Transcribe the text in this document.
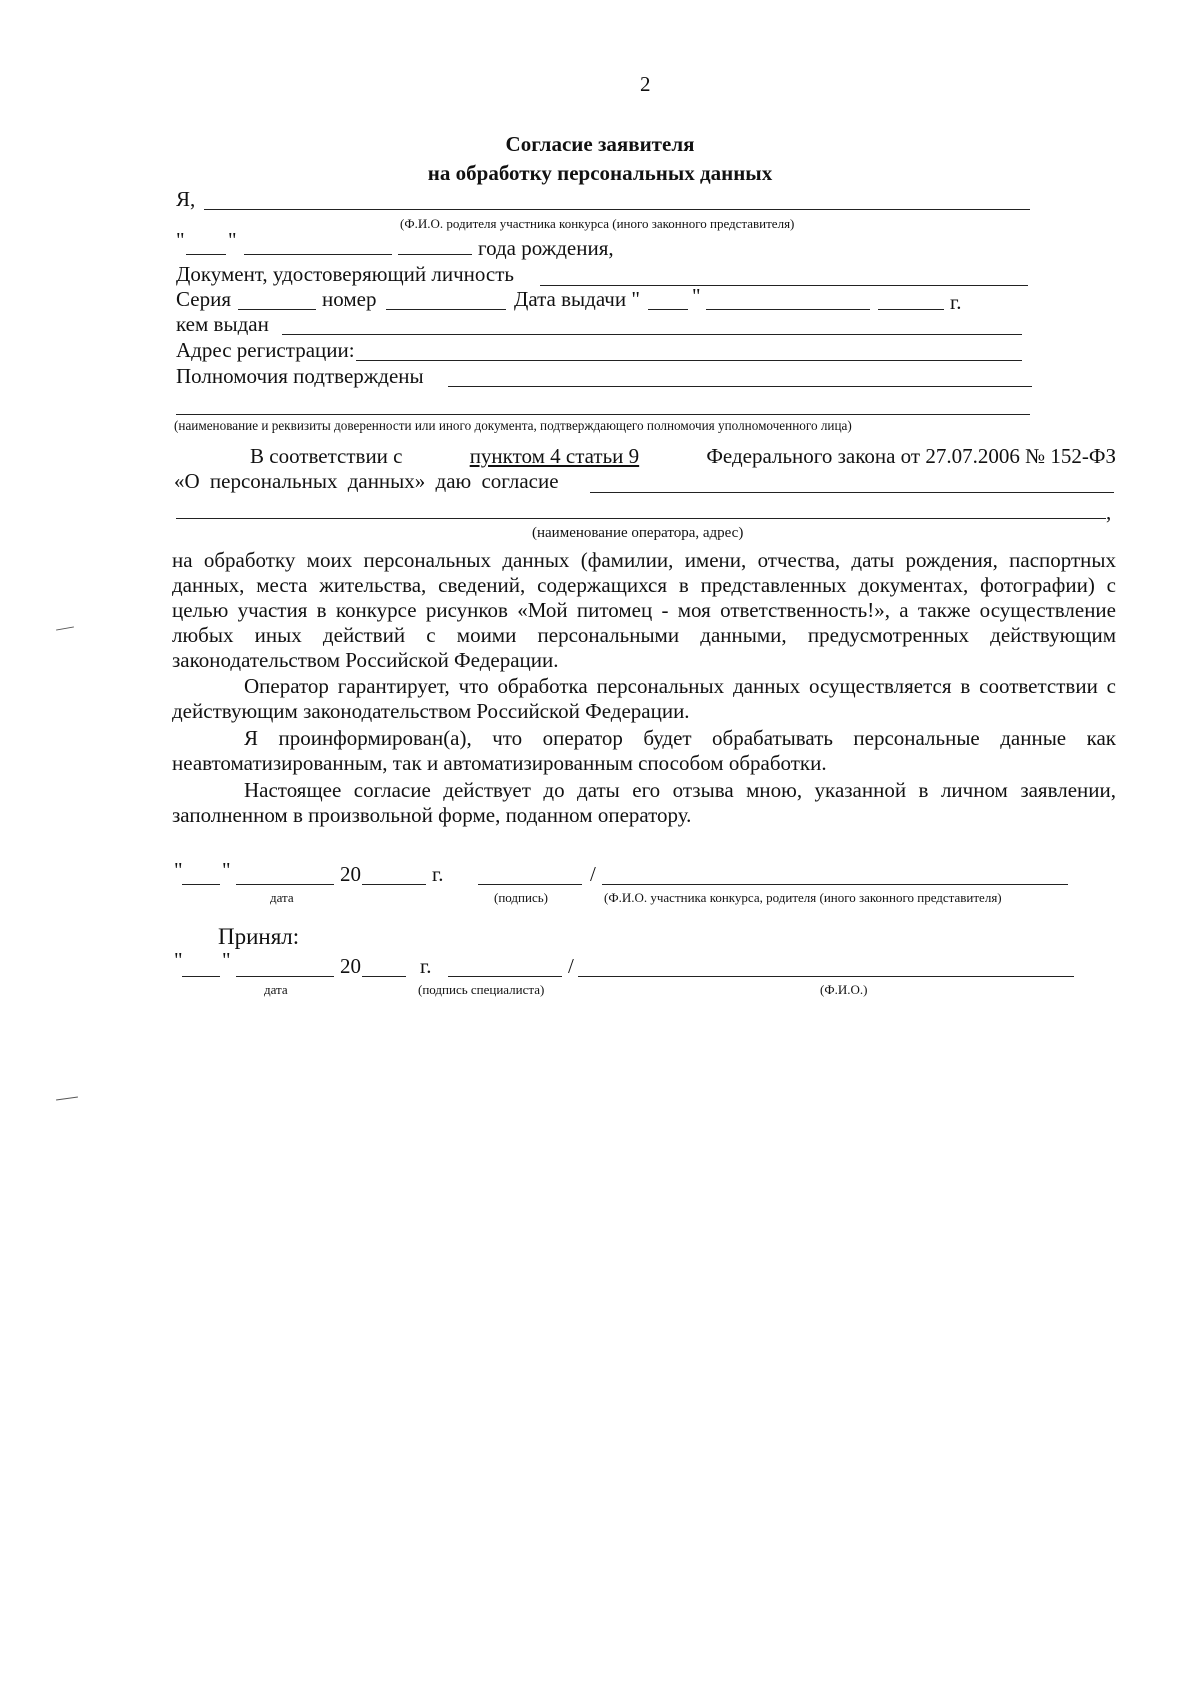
2
Согласие заявителя
на обработку персональных данных
Я,
(Ф.И.О. родителя участника конкурса (иного законного представителя)
" "	года рождения,
Документ, удостоверяющий личность
Серия	номер	Дата выдачи " "	г.
кем выдан
Адрес регистрации:
Полномочия подтверждены
(наименование и реквизиты доверенности или иного документа, подтверждающего полномочия уполномоченного лица)
В соответствии с	пунктом 4 статьи 9	Федерального закона от 27.07.2006 № 152-ФЗ
«О персональных данных» даю согласие
,
(наименование оператора, адрес)
на обработку моих персональных данных (фамилии, имени, отчества, даты рождения, паспортных данных, места жительства, сведений, содержащихся в представленных документах, фотографии) с целью участия в конкурсе рисунков «Мой питомец - моя ответственность!», а также осуществление любых иных действий с моими персональными данными, предусмотренных действующим законодательством Российской Федерации.
Оператор гарантирует, что обработка персональных данных осуществляется в соответствии с действующим законодательством Российской Федерации.
Я проинформирован(а), что оператор будет обрабатывать персональные данные как неавтоматизированным, так и автоматизированным способом обработки.
Настоящее согласие действует до даты его отзыва мною, указанной в личном заявлении, заполненном в произвольной форме, поданном оператору.
" "	20	г.	/
дата	(подпись)	(Ф.И.О. участника конкурса, родителя (иного законного представителя)
Принял:
" "	20	г.	/
дата	(подпись специалиста)	(Ф.И.О.)
